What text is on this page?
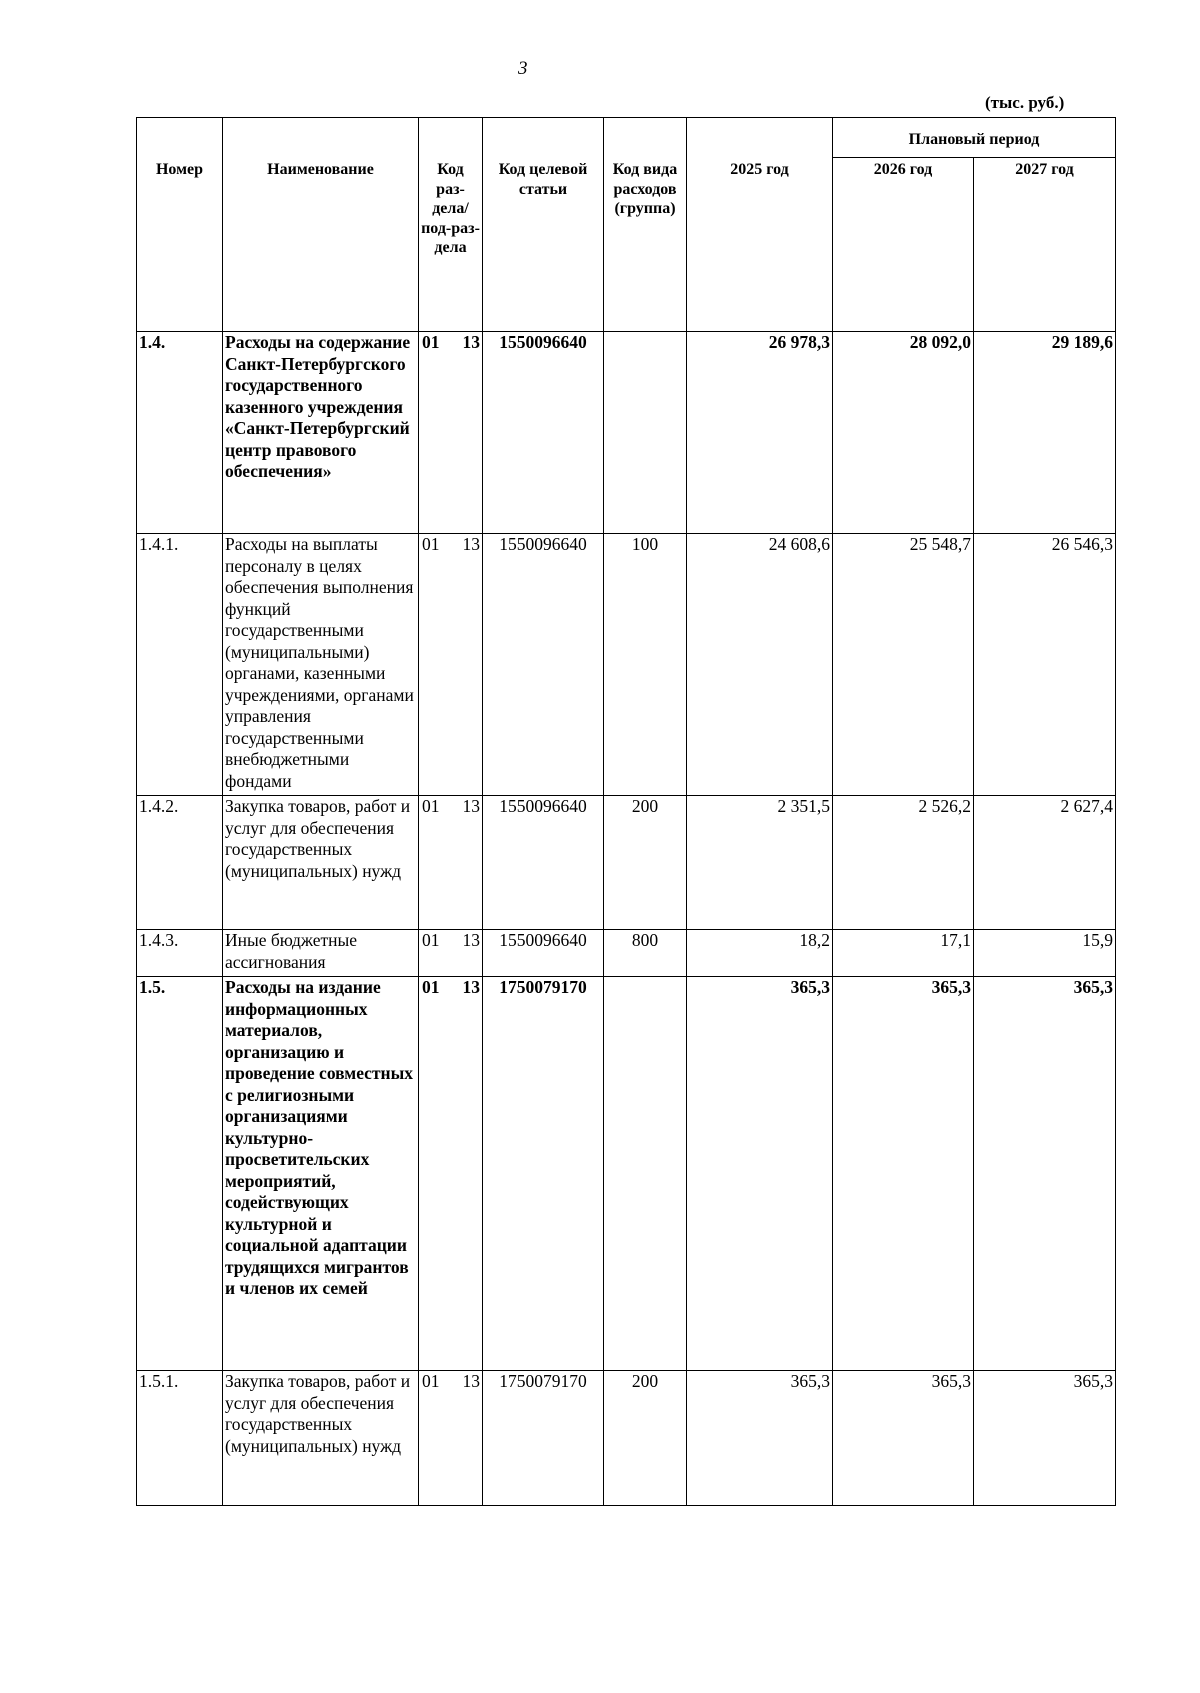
3
(тыс. руб.)
Номер	Наименование	Код раз-дела/ под-раз-дела	Код целевой статьи	Код вида расходов (группа)	2025 год	Плановый период	
						2026 год	2027 год
1.4.	Расходы на содержание Санкт-Петербургского государственного казенного учреждения «Санкт-Петербургский центр правового обеспечения»	01 13	1550096640		26 978,3	28 092,0	29 189,6
1.4.1.	Расходы на выплаты персоналу в целях обеспечения выполнения функций государственными (муниципальными) органами, казенными учреждениями, органами управления государственными внебюджетными фондами	01 13	1550096640	100	24 608,6	25 548,7	26 546,3
1.4.2.	Закупка товаров, работ и услуг для обеспечения государственных (муниципальных) нужд	01 13	1550096640	200	2 351,5	2 526,2	2 627,4
1.4.3.	Иные бюджетные ассигнования	01 13	1550096640	800	18,2	17,1	15,9
1.5.	Расходы на издание информационных материалов, организацию и проведение совместных с религиозными организациями культурно-просветительских мероприятий, содействующих культурной и социальной адаптации трудящихся мигрантов и членов их семей	01 13	1750079170		365,3	365,3	365,3
1.5.1.	Закупка товаров, работ и услуг для обеспечения государственных (муниципальных) нужд	01 13	1750079170	200	365,3	365,3	365,3
